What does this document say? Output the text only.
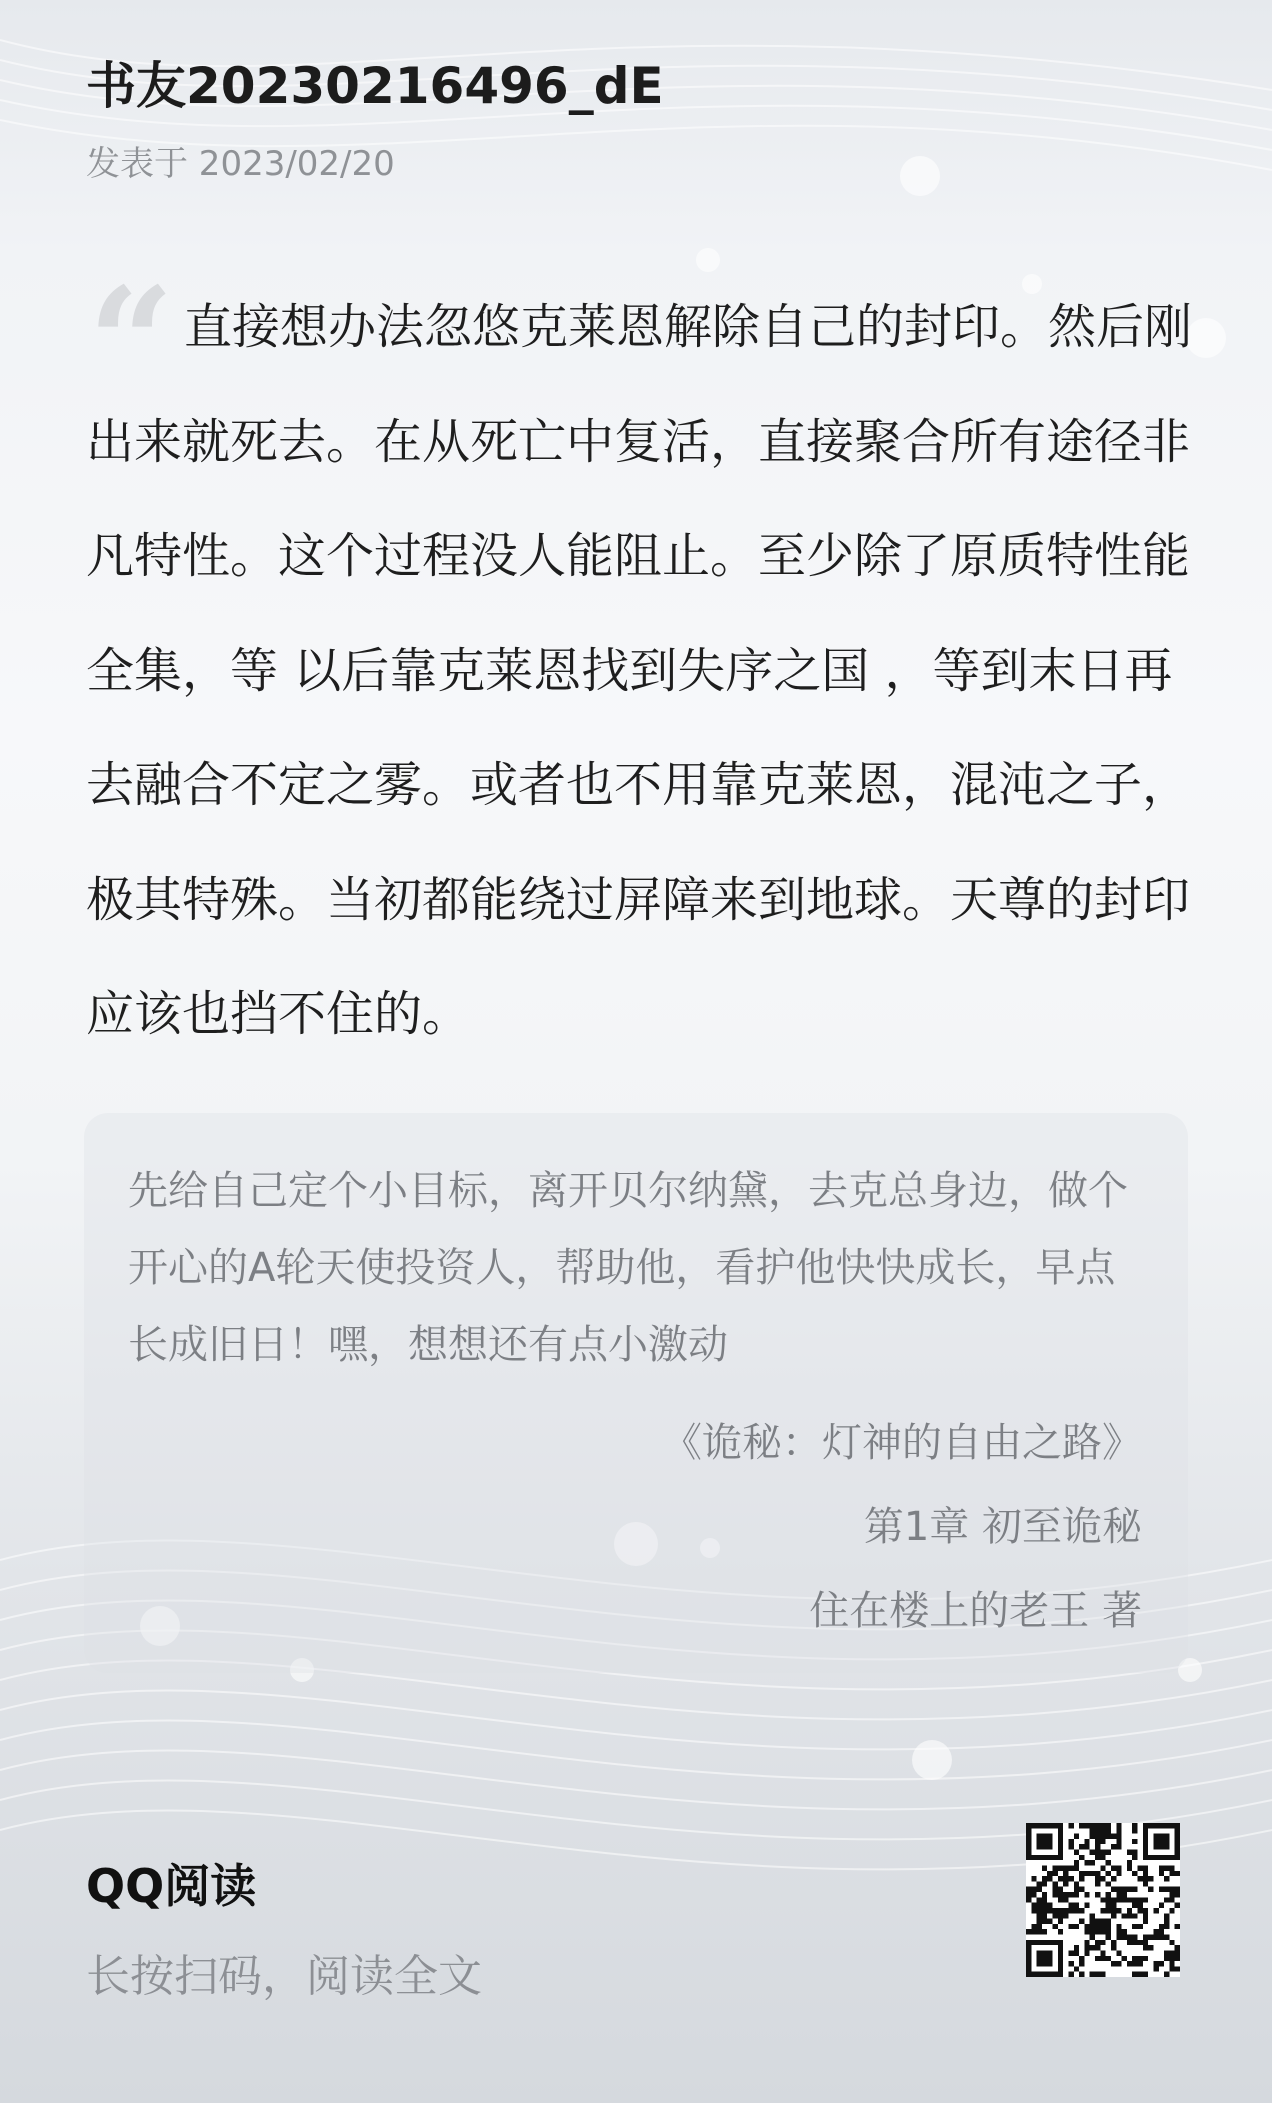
书友20230216496_dE
发表于 2023/02/20
“ 直接想办法忽悠克莱恩解除自己的封印。然后刚出来就死去。在从死亡中复活，直接聚合所有途径非凡特性。这个过程没人能阻止。至少除了原质特性能全集，等 以后靠克莱恩找到失序之国 ，等到末日再去融合不定之雾。或者也不用靠克莱恩，混沌之子，极其特殊。当初都能绕过屏障来到地球。天尊的封印应该也挡不住的。

先给自己定个小目标，离开贝尔纳黛，去克总身边，做个开心的A轮天使投资人，帮助他，看护他快快成长，早点长成旧日！嘿，想想还有点小激动

《诡秘：灯神的自由之路》
第1章 初至诡秘
住在楼上的老王 著
QQ阅读
长按扫码，阅读全文
